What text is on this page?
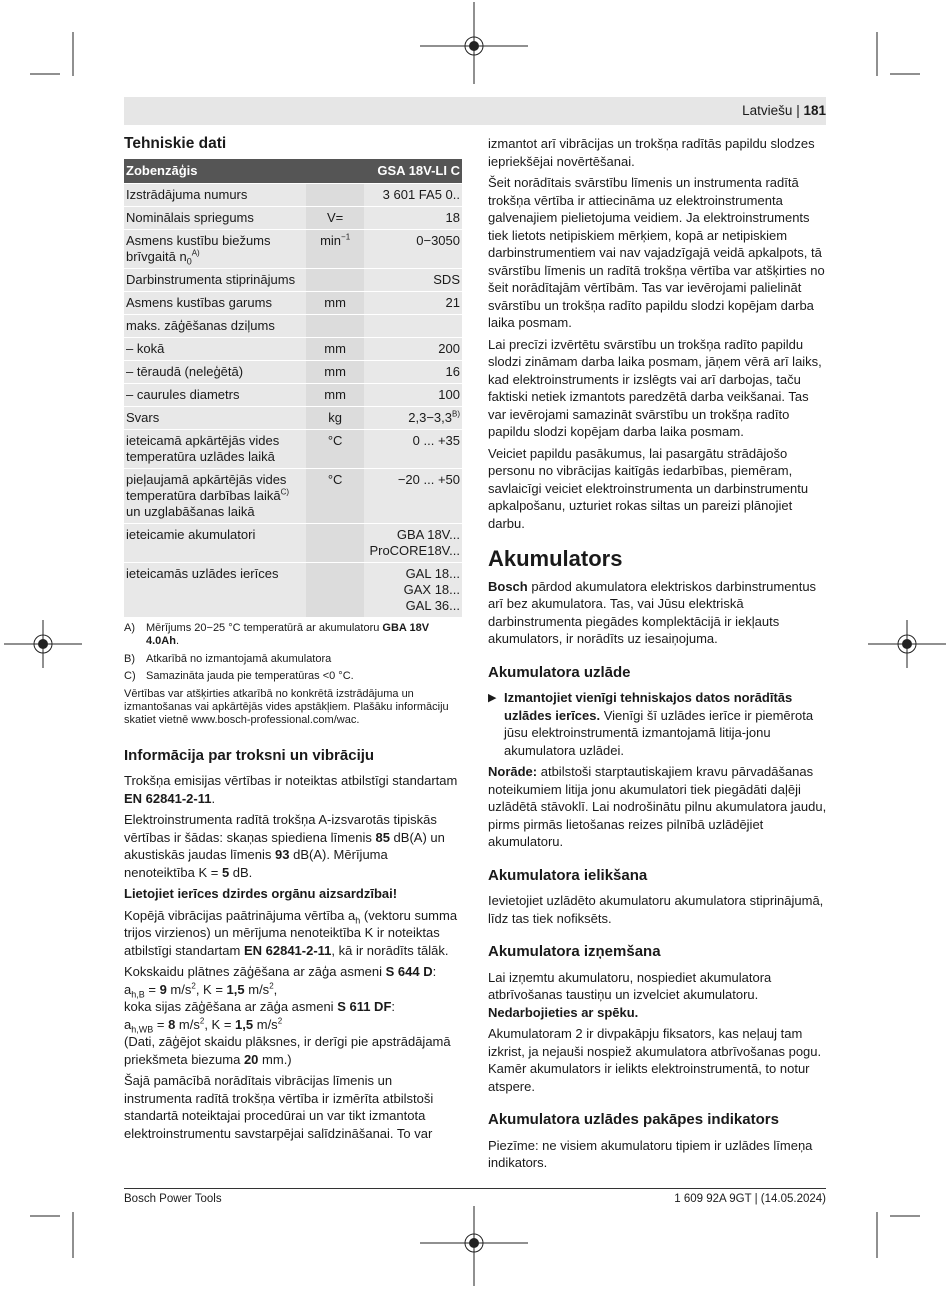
Latviešu | 181
Tehniskie dati
Zobenzāģis		GSA 18V-LI C
Izstrādājuma numurs		3 601 FA5 0..
Nominālais spriegums	V=	18
Asmens kustību biežums brīvgaitā $n_0^{A)}$	$\min^{-1}$	0−3050
Darbinstrumenta stiprinājums		SDS
Asmens kustības garums	mm	21
maks. zāģēšanas dziļums		
– kokā	mm	200
– tēraudā (neleģētā)	mm	16
– caurules diametrs	mm	100
Svars	kg	$2,3-3,3^{B)}$
ieteicamā apkārtējās vides temperatūra uzlādes laikā	°C	0 ... +35
pieļaujamā apkārtējās vides temperatūra darbības laikā$^{C)}$ un uzglabāšanas laikā	°C	−20 ... +50
ieteicamie akumulatori		GBA 18V...
ProCORE18V...
ieteicamās uzlādes ierīces		GAL 18...
GAX 18...
GAL 36...
A)	Mērījums 20−25 °C temperatūrā ar akumulatoru GBA 18V 4.0Ah.
B)	Atkarībā no izmantojamā akumulatora
C) Samazināta jauda pie temperatūras <0 °C.
Vērtības var atšķirties atkarībā no konkrētā izstrādājuma un izmantošanas vai apkārtējās vides apstākļiem. Plašāku informāciju skatiet vietnē www.bosch-professional.com/wac.
Informācija par troksni un vibrāciju

Trokšņa emisijas vērtības ir noteiktas atbilstīgi standartam EN 62841-2-11.

Elektroinstrumenta radītā trokšņa A-izsvarotās tipiskās vērtības ir šādas: skaņas spiediena līmenis 85 dB(A) un akustiskās jaudas līmenis 93 dB(A). Mērījuma nenoteiktība K = 5 dB.

Lietojiet ierīces dzirdes orgānu aizsardzībai!

Kopējā vibrācijas paātrinājuma vērtība $a_h$ (vektoru summa trijos virzienos) un mērījuma nenoteiktība K ir noteiktas atbilstīgi standartam EN 62841-2-11, kā ir norādīts tālāk.

Kokskaidu plātnes zāģēšana ar zāģa asmeni S 644 D:
$a_{h,B} = 9$ $m/s^2$, K = 1,5 $m/s^2$,
koka sijas zāģēšana ar zāģa asmeni S 611 DF:
$a_{h,WB} = 8$ $m/s^2$, K = 1,5 $m/s^2$

(Dati, zāģējot skaidu plāksnes, ir derīgi pie apstrādājamā priekšmeta biezuma 20 mm.)

Šajā pamācībā norādītais vibrācijas līmenis un instrumenta radītā trokšņa vērtība ir izmērīta atbilstoši standartā noteiktajai procedūrai un var tikt izmantota elektroinstrumentu savstarpējai salīdzināšanai. To var

izmantot arī vibrācijas un trokšņa radītās papildu slodzes iepriekšējai novērtēšanai.

Šeit norādītais svārstību līmenis un instrumenta radītā trokšņa vērtība ir attiecināma uz elektroinstrumenta galvenajiem pielietojuma veidiem. Ja elektroinstruments tiek lietots netipiskiem mērķiem, kopā ar netipiskiem darbinstrumentiem vai nav vajadzīgajā veidā apkalpots, tā svārstību līmenis un radītā trokšņa vērtība var atšķirties no šeit norādītajām vērtībām. Tas var ievērojami palielināt svārstību un trokšņa radīto papildu slodzi kopējam darba laika posmam.

Lai precīzi izvērtētu svārstību un trokšņa radīto papildu slodzi zināmam darba laika posmam, jāņem vērā arī laiks, kad elektroinstruments ir izslēgts vai arī darbojas, taču faktiski netiek izmantots paredzētā darba veikšanai. Tas var ievērojami samazināt svārstību un trokšņa radīto papildu slodzi kopējam darba laika posmam.

Veiciet papildu pasākumus, lai pasargātu strādājošo personu no vibrācijas kaitīgās iedarbības, piemēram, savlaicīgi veiciet elektroinstrumenta un darbinstrumentu apkalpošanu, uzturiet rokas siltas un pareizi plānojiet darbu.

Akumulators

Bosch pārdod akumulatora elektriskos darbinstrumentus arī bez akumulatora. Tas, vai Jūsu elektriskā darbinstrumenta piegādes komplektācijā ir iekļauts akumulators, ir norādīts uz iesaiņojuma.

Akumulatora uzlāde
▶ Izmantojiet vienīgi tehniskajos datos norādītās uzlādes ierīces. Vienīgi šī uzlādes ierīce ir piemērota jūsu elektroinstrumentā izmantojamā litija-jonu akumulatora uzlādei.

Norāde: atbilstoši starptautiskajiem kravu pārvadāšanas noteikumiem litija jonu akumulatori tiek piegādāti daļēji uzlādētā stāvoklī. Lai nodrošinātu pilnu akumulatora jaudu, pirms pirmās lietošanas reizes pilnībā uzlādējiet akumulatoru.

Akumulatora ielikšana

Ievietojiet uzlādēto akumulatoru akumulatora stiprinājumā, līdz tas tiek nofiksēts.

Akumulatora izņemšana

Lai izņemtu akumulatoru, nospiediet akumulatora atbrīvošanas taustiņu un izvelciet akumulatoru.

Nedarbojieties ar spēku.

Akumulatoram 2 ir divpakāpju fiksators, kas neļauj tam izkrist, ja nejauši nospiež akumulatora atbrīvošanas pogu. Kamēr akumulators ir ielikts elektroinstrumentā, to notur atspere.

Akumulatora uzlādes pakāpes indikators

Piezīme: ne visiem akumulatoru tipiem ir uzlādes līmeņa indikators.

Bosch Power Tools	1 609 92A 9GT | (14.05.2024)
